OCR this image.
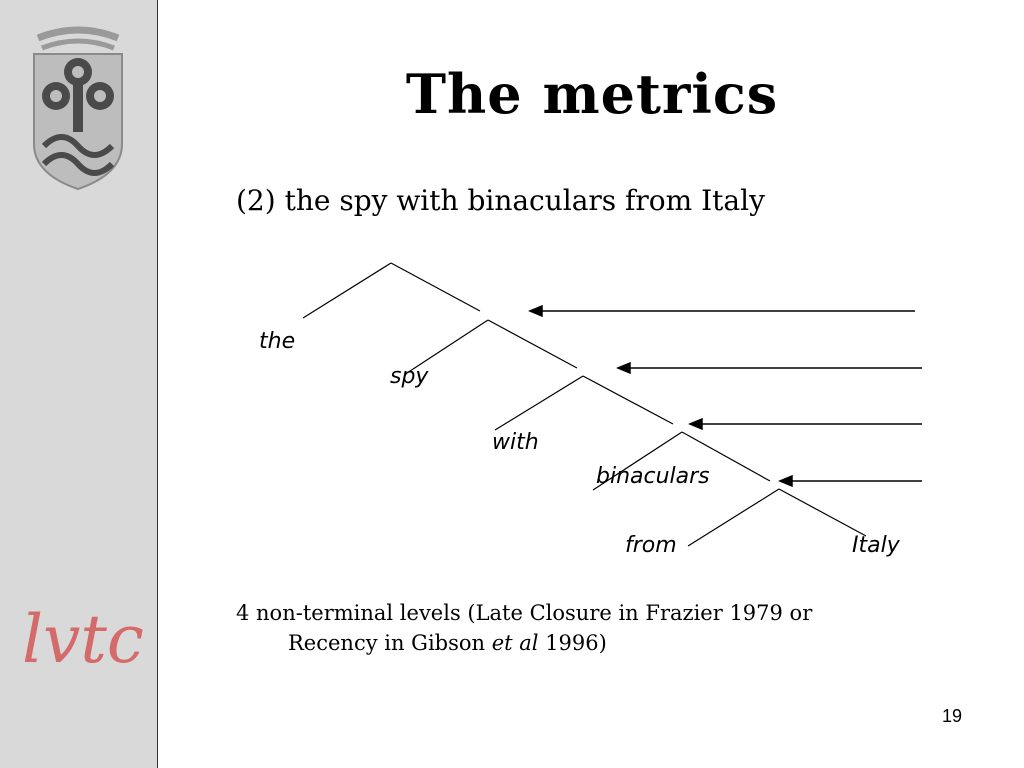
lvtc
The metrics
(2) the spy with binaculars from Italy
the
spy
with
binaculars
from	Italy
4 non-terminal levels (Late Closure in Frazier 1979 or
Recency in Gibson et al 1996)
19
